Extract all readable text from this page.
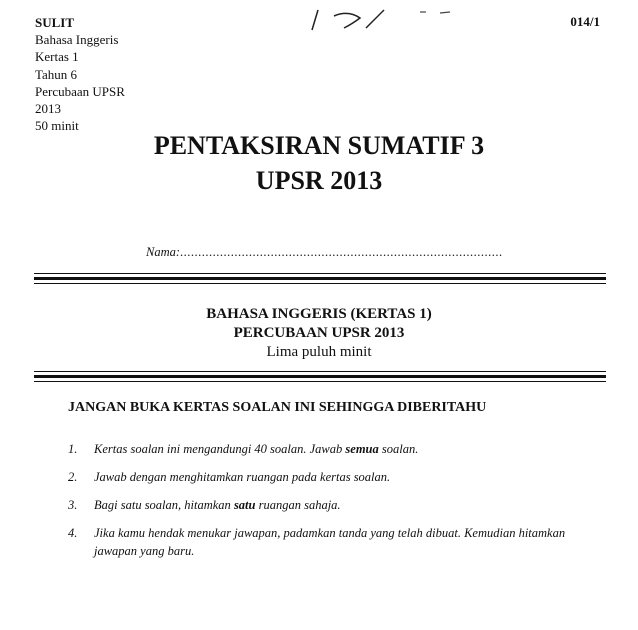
SULIT
Bahasa Inggeris
Kertas 1
Tahun 6
Percubaan UPSR
2013
50 minit
014/1
PENTAKSIRAN SUMATIF 3
UPSR 2013
Nama:.........................................................................................
BAHASA INGGERIS (KERTAS 1)
PERCUBAAN UPSR 2013
Lima puluh minit
JANGAN BUKA KERTAS SOALAN INI SEHINGGA DIBERITAHU
1. Kertas soalan ini mengandungi 40 soalan. Jawab semua soalan.
2. Jawab dengan menghitamkan ruangan pada kertas soalan.
3. Bagi satu soalan, hitamkan satu ruangan sahaja.
4. Jika kamu hendak menukar jawapan, padamkan tanda yang telah dibuat. Kemudian hitamkan jawapan yang baru.
